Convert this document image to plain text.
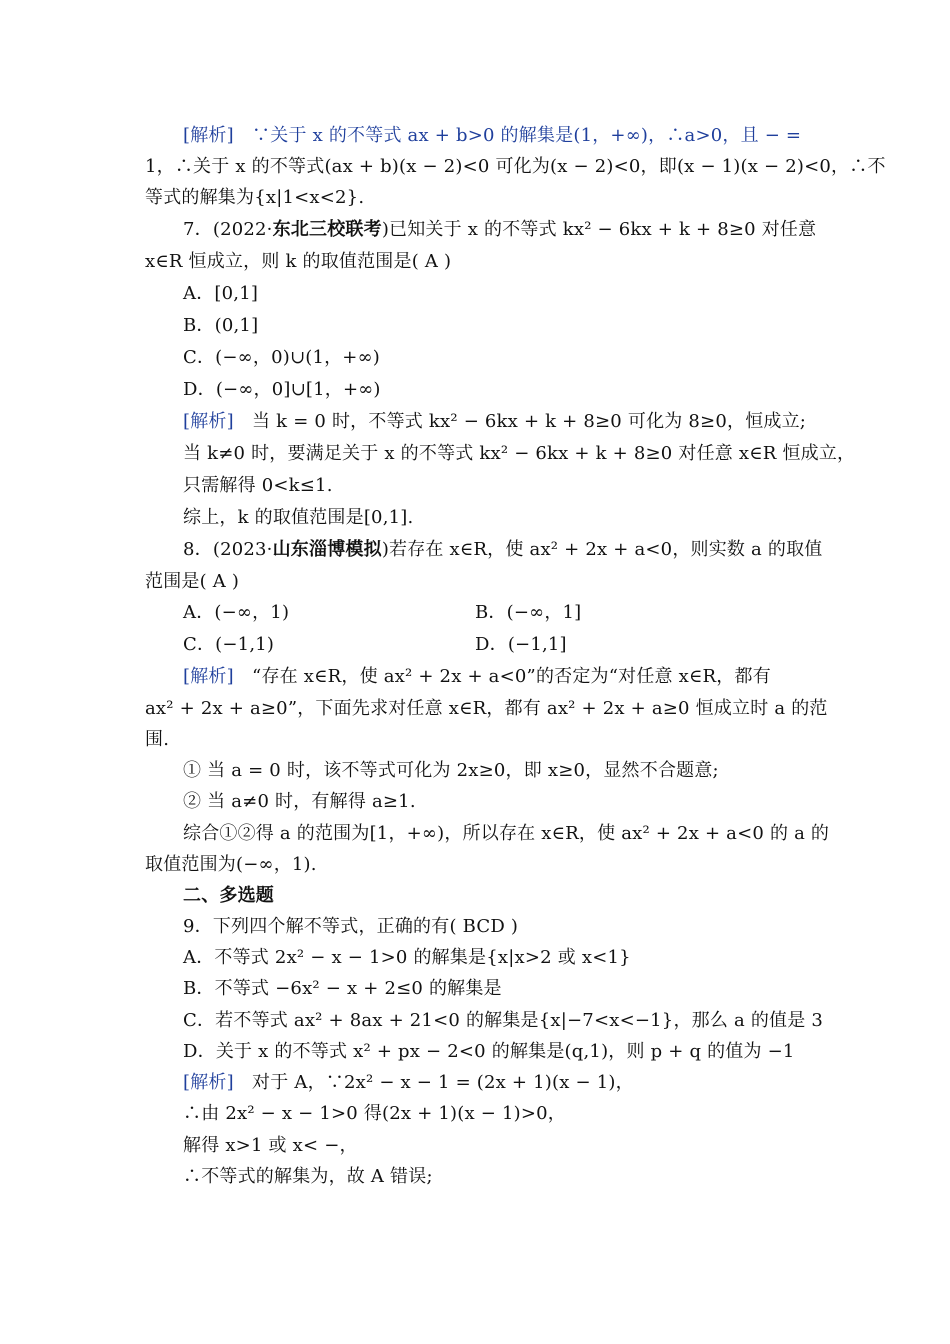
[解析]　∵关于 x 的不等式 ax + b>0 的解集是(1，+∞)，∴a>0，且 − =
1，∴关于 x 的不等式(ax + b)(x − 2)<0 可化为(x − 2)<0，即(x − 1)(x − 2)<0，∴不
等式的解集为{x|1<x<2}.
7．(2022·东北三校联考)已知关于 x 的不等式 kx² − 6kx + k + 8≥0 对任意
x∈R 恒成立，则 k 的取值范围是( A )
A．[0,1]
B．(0,1]
C．(−∞，0)∪(1，+∞)
D．(−∞，0]∪[1，+∞)
[解析]　当 k = 0 时，不等式 kx² − 6kx + k + 8≥0 可化为 8≥0，恒成立;
当 k≠0 时，要满足关于 x 的不等式 kx² − 6kx + k + 8≥0 对任意 x∈R 恒成立，
只需解得 0<k≤1.
综上，k 的取值范围是[0,1].
8．(2023·山东淄博模拟)若存在 x∈R，使 ax² + 2x + a<0，则实数 a 的取值
范围是( A )
A．(−∞，1)	B．(−∞，1]
C．(−1,1)	D．(−1,1]
[解析]　“存在 x∈R，使 ax² + 2x + a<0”的否定为“对任意 x∈R，都有
ax² + 2x + a≥0”，下面先求对任意 x∈R，都有 ax² + 2x + a≥0 恒成立时 a 的范
围.
① 当 a = 0 时，该不等式可化为 2x≥0，即 x≥0，显然不合题意;
② 当 a≠0 时，有解得 a≥1.
综合①②得 a 的范围为[1，+∞)，所以存在 x∈R，使 ax² + 2x + a<0 的 a 的
取值范围为(−∞，1).
二、多选题
9．下列四个解不等式，正确的有( BCD )
A．不等式 2x² − x − 1>0 的解集是{x|x>2 或 x<1}
B．不等式 −6x² − x + 2≤0 的解集是
C．若不等式 ax² + 8ax + 21<0 的解集是{x|−7<x<−1}，那么 a 的值是 3
D．关于 x 的不等式 x² + px − 2<0 的解集是(q,1)，则 p + q 的值为 −1
[解析]　对于 A，∵2x² − x − 1 = (2x + 1)(x − 1)，
∴由 2x² − x − 1>0 得(2x + 1)(x − 1)>0，
解得 x>1 或 x< −，
∴不等式的解集为，故 A 错误;
